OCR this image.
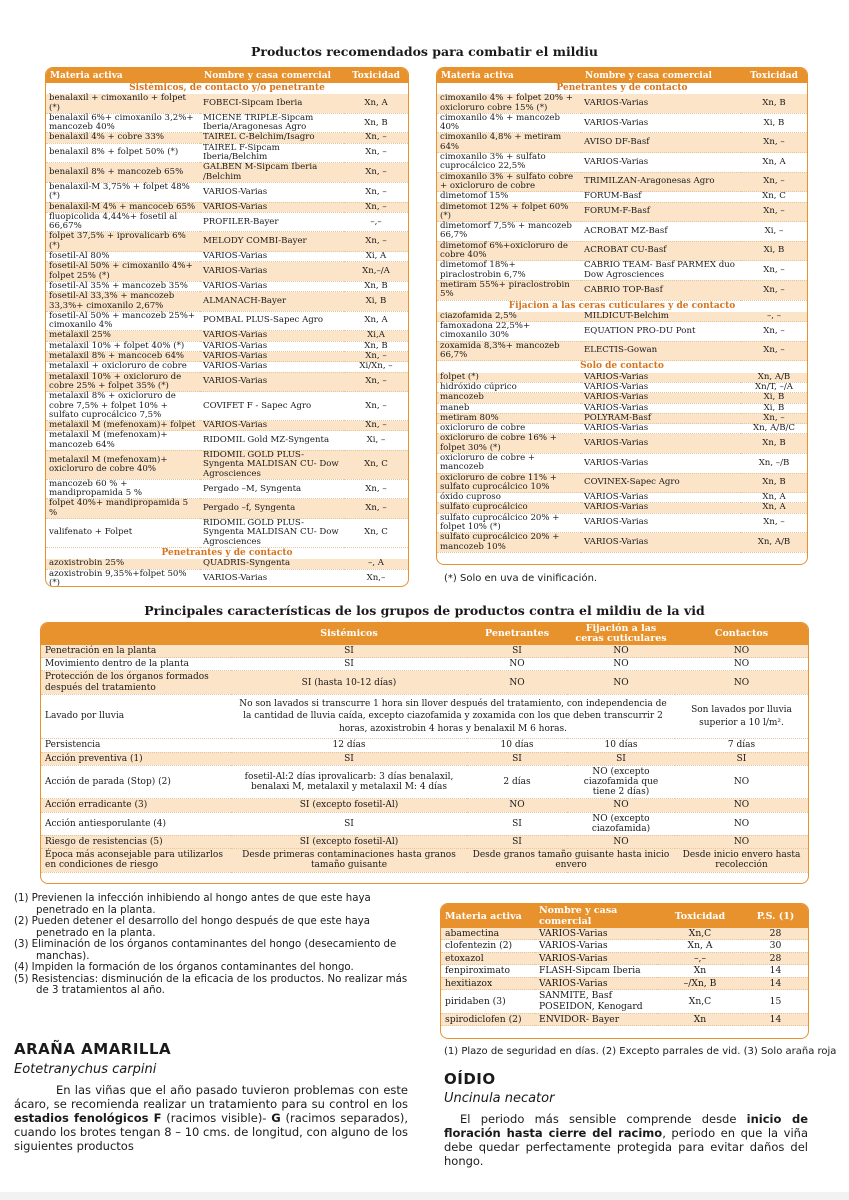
Productos recomendados para combatir el mildiu
Materia activa	Nombre y casa comercial	Toxicidad
Sistémicos, de contacto y/o penetrante		
benalaxil + cimoxanilo + folpet (*)	FOBECI-Sipcam Iberia	Xn, A
benalaxil 6%+ cimoxanilo 3,2%+ mancozeb 40%	MICENE TRIPLE-Sipcam Iberia/Aragonesas Agro	Xn, B
benalaxil 4% + cobre 33%	TAIREL C-Belchim/Isagro	Xn, –
benalaxil 8% + folpet 50% (*)	TAIREL F-Sipcam Iberia/Belchim	Xn, –
benalaxil 8% + mancozeb 65%	GALBEN M-Sipcam Iberia /Belchim	Xn, –
benalaxil-M 3,75% + folpet 48% (*)	VARIOS-Varias	Xn, –
benalaxil-M 4% + mancoceb 65%	VARIOS-Varias	Xn, –
fluopicolida 4,44%+ fosetil al 66,67%	PROFILER-Bayer	–,–
folpet 37,5% + iprovalicarb 6% (*)	MELODY COMBI-Bayer	Xn, –
fosetil-Al 80%	VARIOS-Varias	Xi, A
fosetil-Al 50% + cimoxanilo 4%+ folpet 25% (*)	VARIOS-Varias	Xn,–/A
fosetil-Al 35% + mancozeb 35%	VARIOS-Varias	Xn, B
fosetil-Al 33,3% + mancozeb 33,3%+ cimoxanilo 2,67%	ALMANACH-Bayer	Xi, B
fosetil-Al 50% + mancozeb 25%+ cimoxanilo 4%	POMBAL PLUS-Sapec Agro	Xn, A
metalaxil 25%	VARIOS-Varias	Xi,A
metalaxil 10% + folpet 40% (*)	VARIOS-Varias	Xn, B
metalaxil 8% + mancoceb 64%	VARIOS-Varias	Xn, –
metalaxil + oxicloruro de cobre	VARIOS-Varias	Xi/Xn, –
metalaxil 10% + oxicloruro de cobre 25% + folpet 35% (*)	VARIOS-Varias	Xn, –
metalaxil 8% + oxicloruro de cobre 7,5% + folpet 10% + sulfato cuprocálcico 7,5%	COVIFET F - Sapec Agro	Xn, –
metalaxil M (mefenoxam)+ folpet	VARIOS-Varias	Xn, –
metalaxil M (mefenoxam)+ mancozeb 64%	RIDOMIL Gold MZ-Syngenta	Xi, –
metalaxil M (mefenoxam)+ oxicloruro de cobre 40%	RIDOMIL GOLD PLUS- Syngenta MALDISAN CU- Dow Agrosciences	Xn, C
mancozeb 60 % + mandipropamida 5 %	Pergado –M, Syngenta	Xn, –
folpet 40%+ mandipropamida 5 %	Pergado –f, Syngenta	Xn, –
valifenato + Folpet	RIDOMIL GOLD PLUS- Syngenta MALDISAN CU- Dow Agrosciences	Xn, C
Penetrantes y de contacto		
azoxistrobin 25%	QUADRIS-Syngenta	–, A
azoxistrobin 9,35%+folpet 50% (*)	VARIOS-Varias	Xn,–

Materia activa	Nombre y casa comercial	Toxicidad
Penetrantes y de contacto		
cimoxanilo 4% + folpet 20% + oxicloruro cobre 15% (*)	VARIOS-Varias	Xn, B
cimoxanilo 4% + mancozeb 40%	VARIOS-Varias	Xi, B
cimoxanilo 4,8% + metiram 64%	AVISO DF-Basf	Xn, –
cimoxanilo 3% + sulfato cuprocálcico 22,5%	VARIOS-Varias	Xn, A
cimoxanilo 3% + sulfato cobre + oxicloruro de cobre	TRIMILZAN-Aragonesas Agro	Xn, –
dimetomof 15%	FORUM-Basf	Xn, C
dimetomot 12% + folpet 60% (*)	FORUM-F-Basf	Xn, –
dimetomorf 7,5% + mancozeb 66,7%	ACROBAT MZ-Basf	Xi, –
dimetomof 6%+oxicloruro de cobre 40%	ACROBAT CU-Basf	Xi, B
dimetomof 18%+ piraclostrobin 6,7%	CABRIO TEAM- Basf PARMEX duo Dow Agrosciences	Xn, –
metiram 55%+ piraclostrobin 5%	CABRIO TOP-Basf	Xn, –
Fijacion a las ceras cuticulares y de contacto		
ciazofamida 2,5%	MILDICUT-Belchim	–, –
famoxadona 22,5%+ cimoxanilo 30%	EQUATION PRO-DU Pont	Xn, –
zoxamida 8,3%+ mancozeb 66,7%	ELECTIS-Gowan	Xn, –
Solo de contacto		
folpet (*)	VARIOS-Varias	Xn, A/B
hidróxido cúprico	VARIOS-Varias	Xn/T, –/A
mancozeb	VARIOS-Varias	Xi, B
maneb	VARIOS-Varias	Xi, B
metiram 80%	POLYRAM-Basf	Xn, –
oxicloruro de cobre	VARIOS-Varias	Xn, A/B/C
oxicloruro de cobre 16% + folpet 30% (*)	VARIOS-Varias	Xn, B
oxicloruro de cobre + mancozeb	VARIOS-Varias	Xn, –/B
oxicloruro de cobre 11% + sulfato cuprocálcico 10%	COVINEX-Sapec Agro	Xn, B
óxido cuproso	VARIOS-Varias	Xn, A
sulfato cuprocálcico	VARIOS-Varias	Xn, A
sulfato cuprocálcico 20% + folpet 10% (*)	VARIOS-Varias	Xn, –
sulfato cuprocálcico 20% + mancozeb 10%	VARIOS-Varias	Xn, A/B
(*) Solo en uva de vinificación.
Principales características de los grupos de productos contra el mildiu de la vid
	Sistémicos	Penetrantes	Fijación a las ceras cuticulares	Contactos
Penetración en la planta	SI	SI	NO	NO
Movimiento dentro de la planta	SI	NO	NO	NO
Protección de los órganos formados después del tratamiento	SI (hasta 10-12 días)	NO	NO	NO
Lavado por lluvia	No son lavados si transcurre 1 hora sin llover después del tratamiento, con independencia de la cantidad de lluvia caída, excepto ciazofamida y zoxamida con los que deben transcurrir 2 horas, azoxistrobin 4 horas y benalaxil M 6 horas.			Son lavados por lluvia superior a 10 l/m².
Persistencia	12 días	10 días	10 días	7 días
Acción preventiva (1)	SI	SI	SI	SI
Acción de parada (Stop) (2)	fosetil-Al:2 días iprovalicarb: 3 días benalaxil, benalaxi M, metalaxil y metalaxil M: 4 días	2 días	NO (excepto ciazofamida que tiene 2 días)	NO
Acción erradicante (3)	SI (excepto fosetil-Al)	NO	NO	NO
Acción antiesporulante (4)	SI	SI	NO (excepto ciazofamida)	NO
Riesgo de resistencias (5)	SI (excepto fosetil-Al)	SI	NO	NO
Época más aconsejable para utilizarlos en condiciones de riesgo	Desde primeras contaminaciones hasta granos tamaño guisante	Desde granos tamaño guisante hasta inicio envero		Desde inicio envero hasta recolección
(1) Previenen la infección inhibiendo al hongo antes de que este haya penetrado en la planta.
(2) Pueden detener el desarrollo del hongo después de que este haya penetrado en la planta.
(3) Eliminación de los órganos contaminantes del hongo (desecamiento de manchas).
(4) Impiden la formación de los órganos contaminantes del hongo.
(5) Resistencias: disminución de la eficacia de los productos. No realizar más de 3 tratamientos al año.
ARAÑA AMARILLA
Eotetranychus carpini
En las viñas que el año pasado tuvieron problemas con este ácaro, se recomienda realizar un tratamiento para su control en los estadios fenológicos F (racimos visible)- G (racimos separados), cuando los brotes tengan 8 – 10 cms. de longitud, con alguno de los siguientes productos
Materia activa	Nombre y casa comercial	Toxicidad	P.S. (1)
abamectina	VARIOS-Varias	Xn,C	28
clofentezin (2)	VARIOS-Varias	Xn, A	30
etoxazol	VARIOS-Varias	–,–	28
fenpiroximato	FLASH-Sipcam Iberia	Xn	14
hexitiazox	VARIOS-Varias	–/Xn, B	14
piridaben (3)	SANMITE, Basf POSEIDON, Kenogard	Xn,C	15
spirodiclofen (2)	ENVIDOR- Bayer	Xn	14
(1) Plazo de seguridad en días. (2) Excepto parrales de vid. (3) Solo araña roja
OÍDIO
Uncinula necator
El periodo más sensible comprende desde inicio de floración hasta cierre del racimo, periodo en que la viña debe quedar perfectamente protegida para evitar daños del hongo.
